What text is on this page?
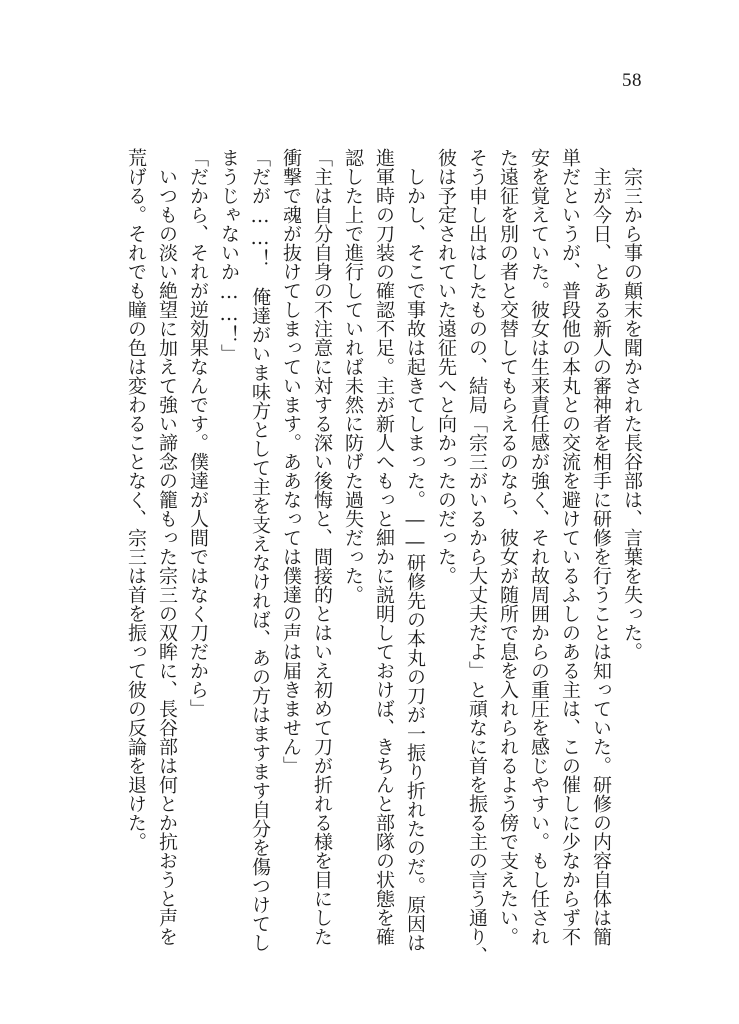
58

　宗三から事の顛末を聞かされた長谷部は、言葉を失った。

　主が今日、とある新人の審神者を相手に研修を行うことは知っていた。研修の内容自体は簡

単だというが、普段他の本丸との交流を避けているふしのある主は、この催しに少なからず不

安を覚えていた。彼女は生来責任感が強く、それ故周囲からの重圧を感じやすい。もし任され

た遠征を別の者と交替してもらえるのなら、彼女が随所で息を入れられるよう傍で支えたい。

そう申し出はしたものの、結局「宗三がいるから大丈夫だよ」と頑なに首を振る主の言う通り、

彼は予定されていた遠征先へと向かったのだった。

　しかし、そこで事故は起きてしまった。――研修先の本丸の刀が一振り折れたのだ。原因は

進軍時の刀装の確認不足。主が新人へもっと細かに説明しておけば、きちんと部隊の状態を確

認した上で進行していれば未然に防げた過失だった。

「主は自分自身の不注意に対する深い後悔と、間接的とはいえ初めて刀が折れる様を目にした

衝撃で魂が抜けてしまっています。ああなっては僕達の声は届きません」

「だが……！　俺達がいま味方として主を支えなければ、あの方はますます自分を傷つけてし

まうじゃないか……！」

「だから、それが逆効果なんです。僕達が人間ではなく刀だから」

　いつもの淡い絶望に加えて強い諦念の籠もった宗三の双眸に、長谷部は何とか抗おうと声を

荒げる。それでも瞳の色は変わることなく、宗三は首を振って彼の反論を退けた。
